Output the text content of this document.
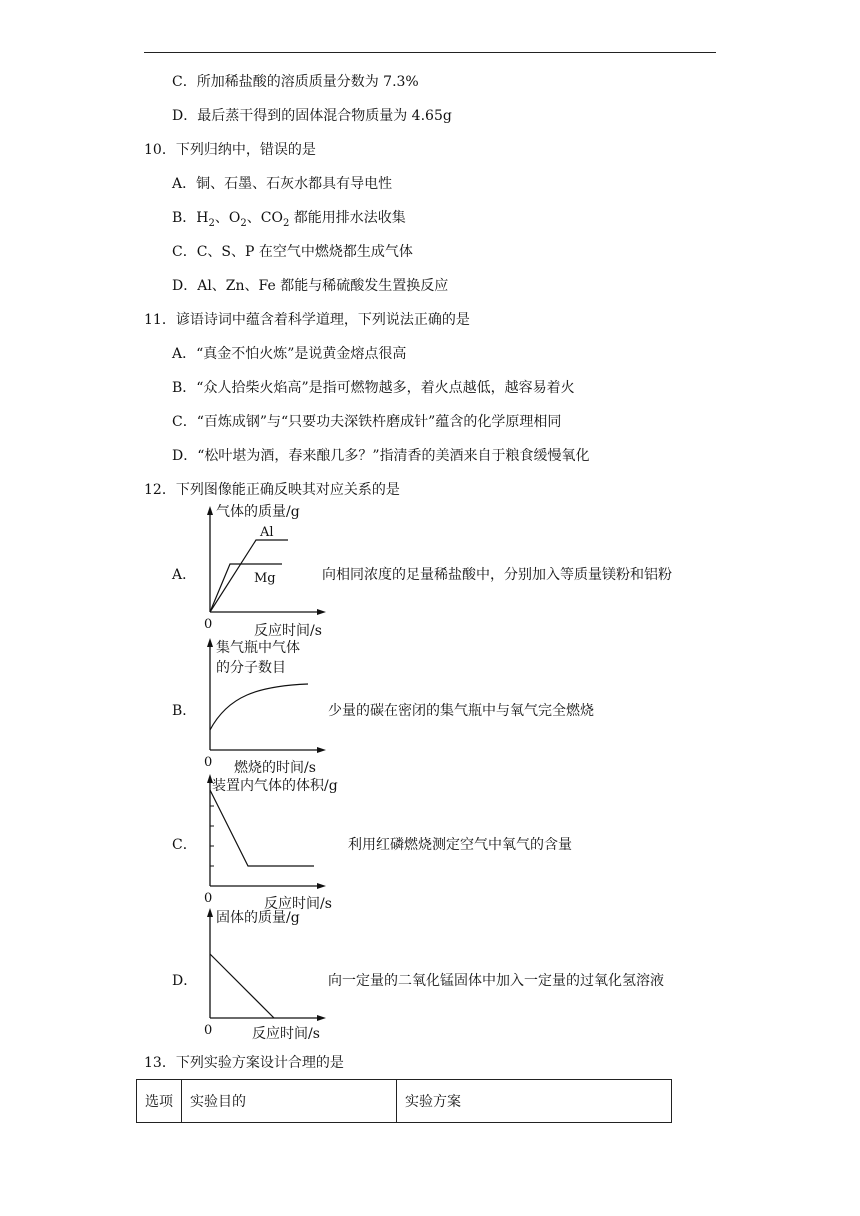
C．所加稀盐酸的溶质质量分数为 7.3%
D．最后蒸干得到的固体混合物质量为 4.65g
10．下列归纳中，错误的是
A．铜、石墨、石灰水都具有导电性
B．$H_2$、$O_2$、$CO_2$ 都能用排水法收集
C．C、S、P 在空气中燃烧都生成气体
D．Al、Zn、Fe 都能与稀硫酸发生置换反应
11．谚语诗词中蕴含着科学道理，下列说法正确的是
A．“真金不怕火炼”是说黄金熔点很高
B．“众人拾柴火焰高”是指可燃物越多，着火点越低，越容易着火
C．“百炼成钢”与“只要功夫深铁杵磨成针”蕴含的化学原理相同
D．“松叶堪为酒，春来酿几多？”指清香的美酒来自于粮食缓慢氧化
12．下列图像能正确反映其对应关系的是
A．
气体的质量/g
Al
Mg
0	反应时间/s
向相同浓度的足量稀盐酸中，分别加入等质量镁粉和铝粉
B．
集气瓶中气体
的分子数目
0 燃烧的时间/s
少量的碳在密闭的集气瓶中与氧气完全燃烧
C．
装置内气体的体积/g
0	反应时间/s
利用红磷燃烧测定空气中氧气的含量
D．
固体的质量/g
0	反应时间/s
向一定量的二氧化锰固体中加入一定量的过氧化氢溶液
13．下列实验方案设计合理的是
选项	实验目的	实验方案
